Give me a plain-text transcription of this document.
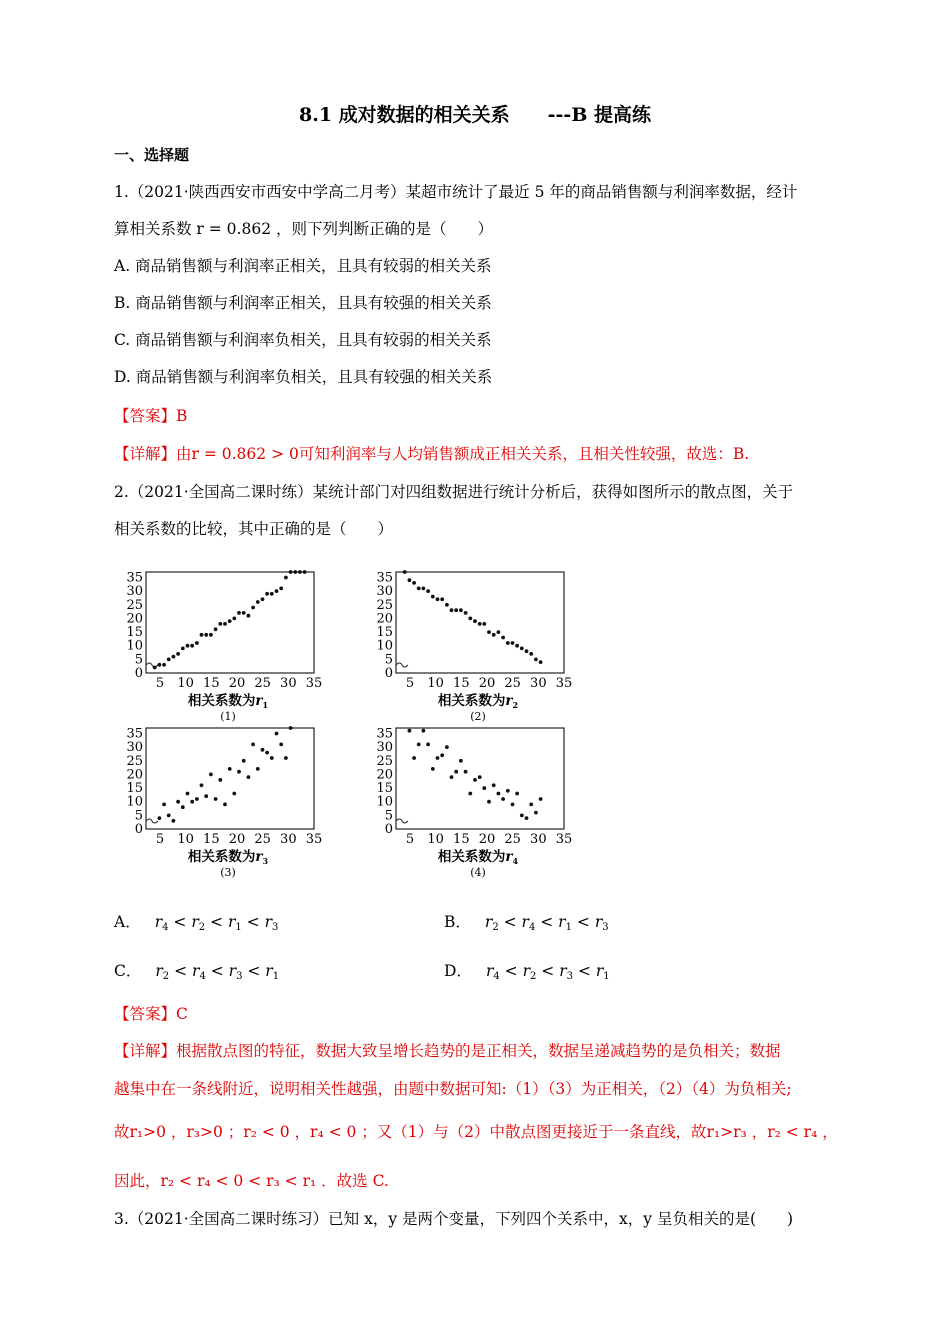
8.1 成对数据的相关关系 ---B 提高练
一、选择题
1.（2021·陕西西安市西安中学高二月考）某超市统计了最近 5 年的商品销售额与利润率数据，经计
算相关系数 r = 0.862 ，则下列判断正确的是（　　）
A. 商品销售额与利润率正相关，且具有较弱的相关关系
B. 商品销售额与利润率正相关，且具有较强的相关关系
C. 商品销售额与利润率负相关，且具有较弱的相关关系
D. 商品销售额与利润率负相关，且具有较强的相关关系
【答案】B
【详解】由r = 0.862 > 0可知利润率与人均销售额成正相关关系，且相关性较强，故选：B.
2.（2021·全国高二课时练）某统计部门对四组数据进行统计分析后，获得如图所示的散点图，关于
相关系数的比较，其中正确的是（　　）
0
5
10
15
20
25
30
35
5 10 15 20 25 30 35
相关系数为$r_1$
(1)
0
5
10
15
20
25
30
35
5 10 15 20 25 30 35
相关系数为$r_2$
(2)
0
5
10
15
20
25
30
35
5 10 15 20 25 30 35
相关系数为$r_3$
(3)
0
5
10
15
20
25
30
35
5 10 15 20 25 30 35
相关系数为$r_4$
(4)
A． $r_4 < r_2 < r_1 < r_3$	B． $r_2 < r_4 < r_1 < r_3$
C． $r_2 < r_4 < r_3 < r_1$	D． $r_4 < r_2 < r_3 < r_1$
【答案】C
【详解】根据散点图的特征，数据大致呈增长趋势的是正相关，数据呈递减趋势的是负相关；数据
越集中在一条线附近，说明相关性越强，由题中数据可知:（1）（3）为正相关，（2）（4）为负相关;
故r₁>0 ，r₃>0 ；r₂ < 0 ，r₄ < 0 ；又（1）与（2）中散点图更接近于一条直线，故r₁>r₃ ，r₂ < r₄ ，
因此，r₂ < r₄ < 0 < r₃ < r₁ ．故选 C.
3.（2021·全国高二课时练习）已知 x，y 是两个变量，下列四个关系中，x，y 呈负相关的是(　　)
